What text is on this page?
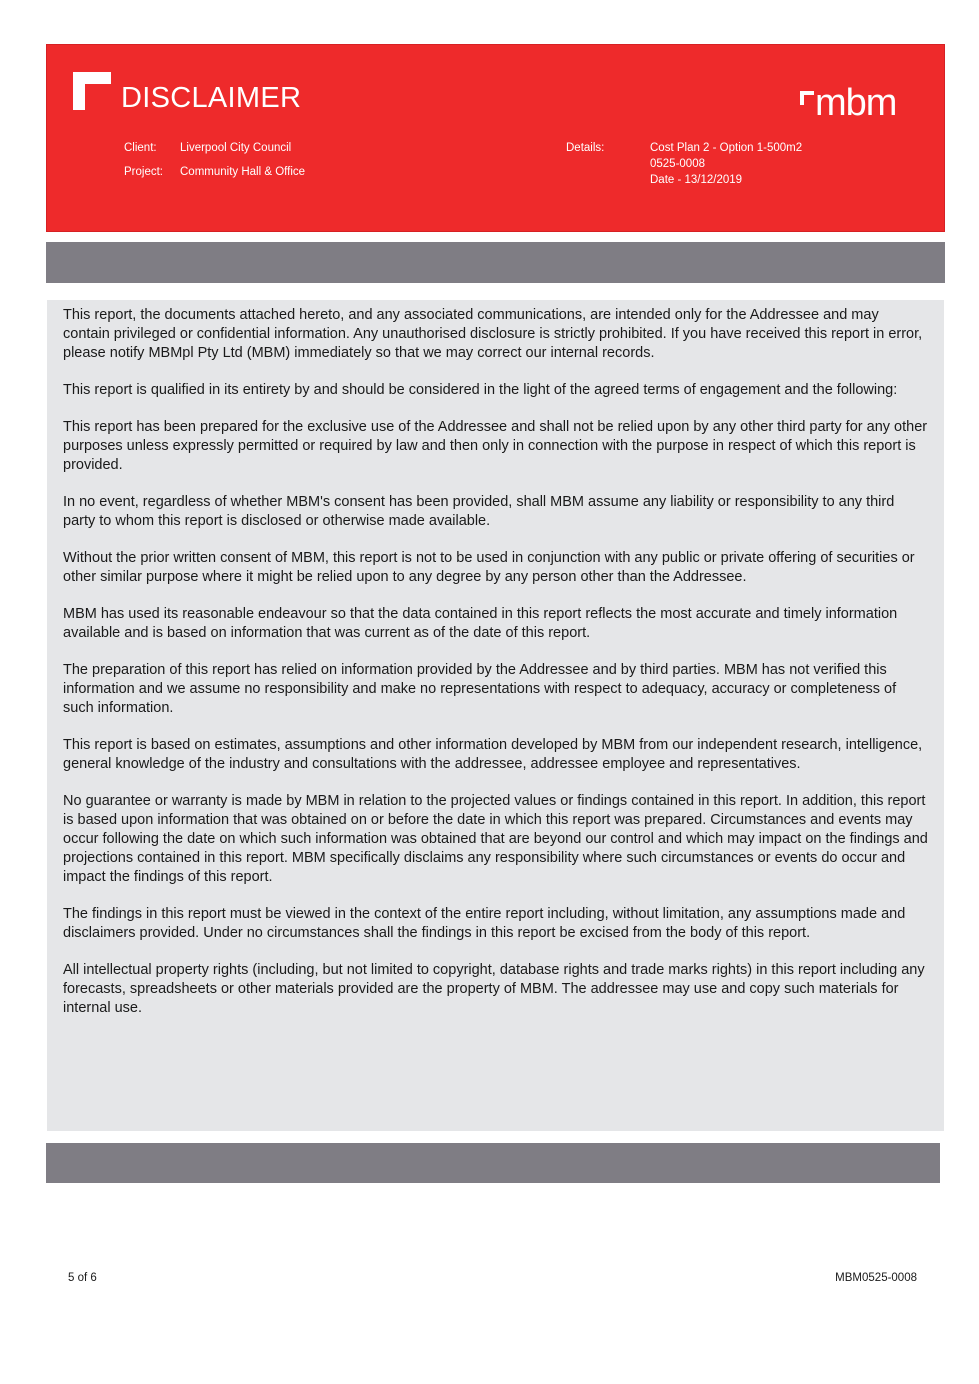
DISCLAIMER
Client: Liverpool City Council
Project: Community Hall & Office
Details:	Cost Plan 2 - Option 1-500m2
0525-0008
Date - 13/12/2019
mbm

This report, the documents attached hereto, and any associated communications, are intended only for the Addressee and may contain privileged or confidential information. Any unauthorised disclosure is strictly prohibited. If you have received this report in error, please notify MBMpl Pty Ltd (MBM) immediately so that we may correct our internal records.

This report is qualified in its entirety by and should be considered in the light of the agreed terms of engagement and the following:

This report has been prepared for the exclusive use of the Addressee and shall not be relied upon by any other third party for any other purposes unless expressly permitted or required by law and then only in connection with the purpose in respect of which this report is provided.

In no event, regardless of whether MBM's consent has been provided, shall MBM assume any liability or responsibility to any third party to whom this report is disclosed or otherwise made available.

Without the prior written consent of MBM, this report is not to be used in conjunction with any public or private offering of securities or other similar purpose where it might be relied upon to any degree by any person other than the Addressee.

MBM has used its reasonable endeavour so that the data contained in this report reflects the most accurate and timely information available and is based on information that was current as of the date of this report.

The preparation of this report has relied on information provided by the Addressee and by third parties. MBM has not verified this information and we assume no responsibility and make no representations with respect to adequacy, accuracy or completeness of such information.

This report is based on estimates, assumptions and other information developed by MBM from our independent research, intelligence, general knowledge of the industry and consultations with the addressee, addressee employee and representatives.

No guarantee or warranty is made by MBM in relation to the projected values or findings contained in this report. In addition, this report is based upon information that was obtained on or before the date in which this report was prepared. Circumstances and events may occur following the date on which such information was obtained that are beyond our control and which may impact on the findings and projections contained in this report. MBM specifically disclaims any responsibility where such circumstances or events do occur and impact the findings of this report.

The findings in this report must be viewed in the context of the entire report including, without limitation, any assumptions made and disclaimers provided. Under no circumstances shall the findings in this report be excised from the body of this report.

All intellectual property rights (including, but not limited to copyright, database rights and trade marks rights) in this report including any forecasts, spreadsheets or other materials provided are the property of MBM. The addressee may use and copy such materials for internal use.

5 of 6	MBM0525-0008
